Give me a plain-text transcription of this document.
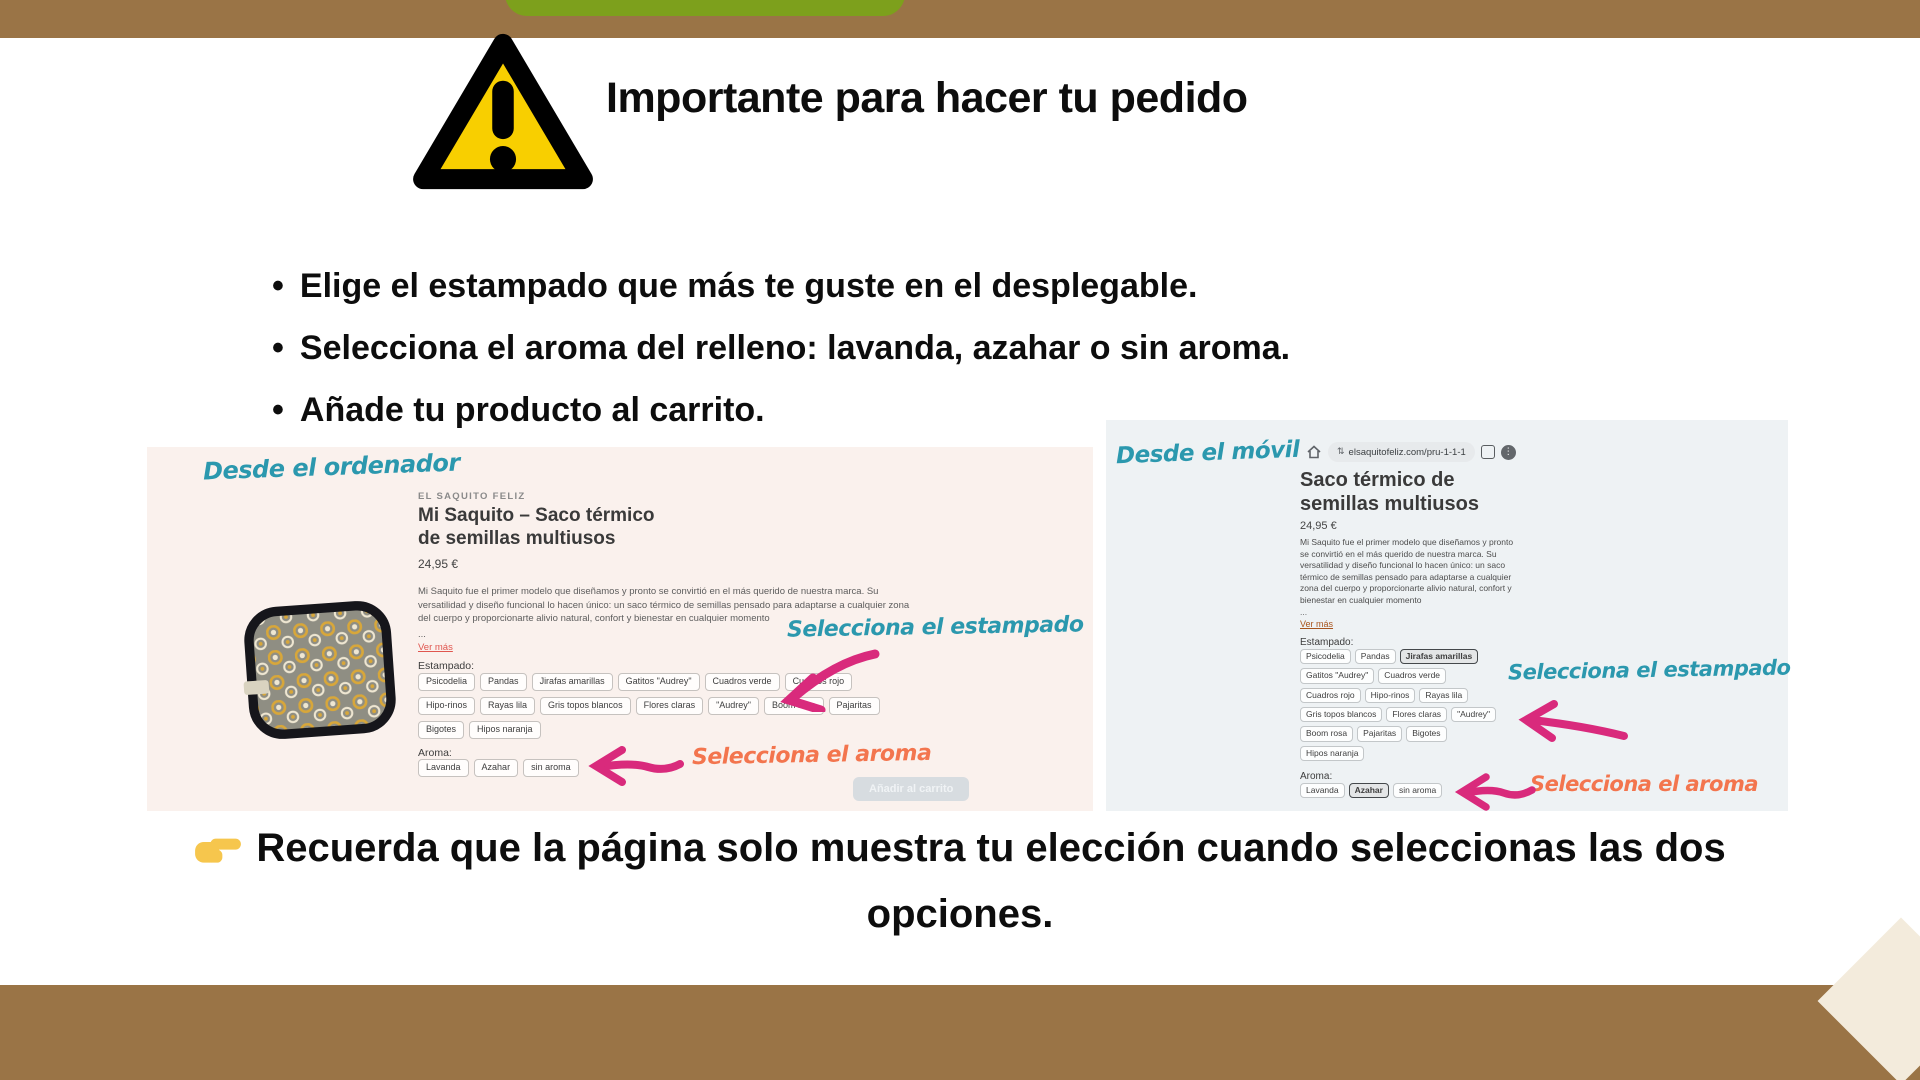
Importante para hacer tu pedido
• Elige el estampado que más te guste en el desplegable.
• Selecciona el aroma del relleno: lavanda, azahar o sin aroma.
• Añade tu producto al carrito.
Desde el ordenador
EL SAQUITO FELIZ
Mi Saquito – Saco térmico
de semillas multiusos
24,95 €
Mi Saquito fue el primer modelo que diseñamos y pronto se convirtió en el más querido de nuestra marca. Su
versatilidad y diseño funcional lo hacen único: un saco térmico de semillas pensado para adaptarse a cualquier zona
del cuerpo y proporcionarte alivio natural, confort y bienestar en cualquier momento
...
Ver más
Estampado:
Psicodelia	Pandas	Jirafas amarillas	Gatitos "Audrey"	Cuadros verde	Cuadros rojo
Hipo-rinos	Rayas lila	Gris topos blancos	Flores claras	"Audrey"	Boom rosa	Pajaritas
Bigotes	Hipos naranja
Aroma:
Lavanda	Azahar	sin aroma
Añadir al carrito
Selecciona el estampado
Selecciona el aroma
Desde el móvil	⇅ elsaquitofeliz.com/pru-1-1-1	⋮
Saco térmico de
semillas multiusos
24,95 €
Mi Saquito fue el primer modelo que diseñamos y pronto
se convirtió en el más querido de nuestra marca. Su
versatilidad y diseño funcional lo hacen único: un saco
térmico de semillas pensado para adaptarse a cualquier
zona del cuerpo y proporcionarte alivio natural, confort y
bienestar en cualquier momento
...
Ver más
Estampado:
Psicodelia	Pandas	Jirafas amarillas
Gatitos "Audrey"	Cuadros verde
Cuadros rojo	Hipo-rinos	Rayas lila
Gris topos blancos	Flores claras	"Audrey"
Boom rosa	Pajaritas	Bigotes
Hipos naranja
Aroma:
Lavanda	Azahar	sin aroma
Selecciona el estampado
Selecciona el aroma
Recuerda que la página solo muestra tu elección cuando seleccionas las dos
opciones.
